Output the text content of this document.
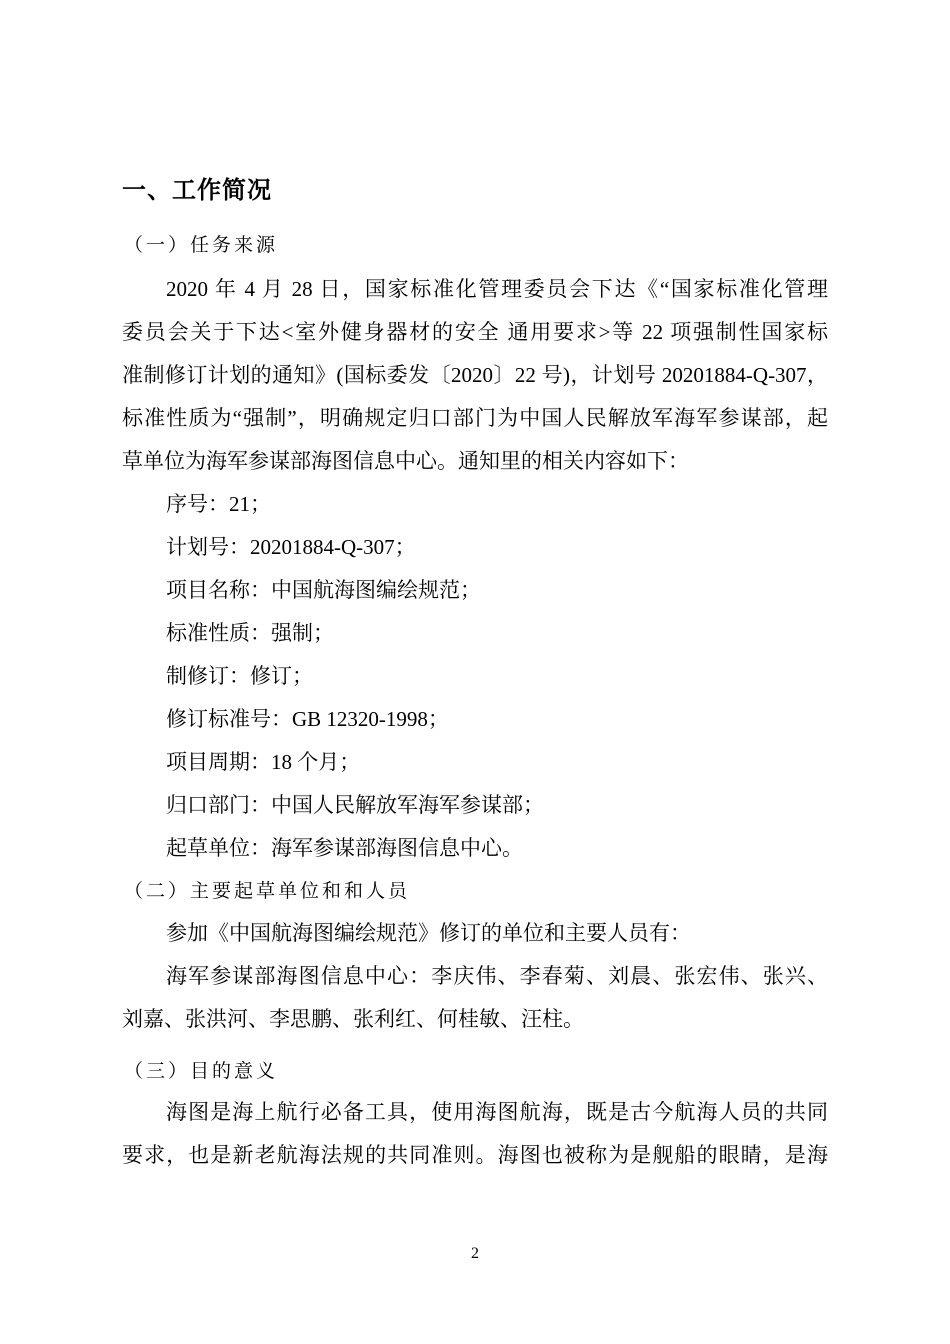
一、工作简况
（一）任务来源
2020 年 4 月 28 日，国家标准化管理委员会下达《“国家标准化管理
委员会关于下达<室外健身器材的安全 通用要求>等 22 项强制性国家标
准制修订计划的通知》(国标委发〔2020〕22 号)，计划号 20201884-Q-307，
标准性质为“强制”，明确规定归口部门为中国人民解放军海军参谋部，起
草单位为海军参谋部海图信息中心。通知里的相关内容如下：
序号：21；
计划号：20201884-Q-307；
项目名称：中国航海图编绘规范；
标准性质：强制；
制修订：修订；
修订标准号：GB 12320-1998；
项目周期：18 个月；
归口部门：中国人民解放军海军参谋部；
起草单位：海军参谋部海图信息中心。
（二）主要起草单位和和人员
参加《中国航海图编绘规范》修订的单位和主要人员有：
海军参谋部海图信息中心：李庆伟、李春菊、刘晨、张宏伟、张兴、
刘嘉、张洪河、李思鹏、张利红、何桂敏、汪柱。
（三）目的意义
海图是海上航行必备工具，使用海图航海，既是古今航海人员的共同
要求，也是新老航海法规的共同准则。海图也被称为是舰船的眼睛，是海
2
